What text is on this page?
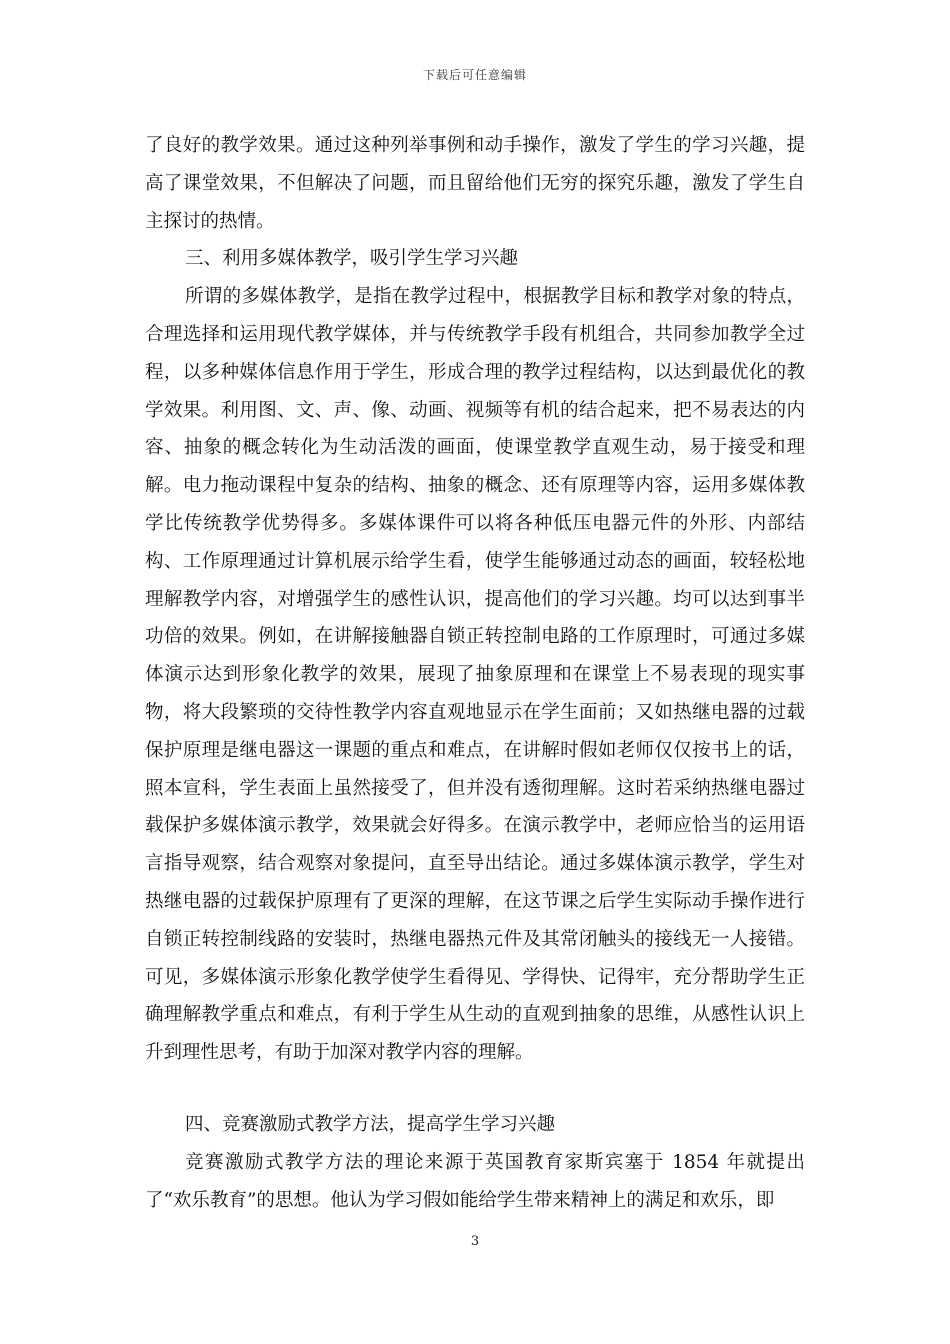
下载后可任意编辑

了良好的教学效果。通过这种列举事例和动手操作，激发了学生的学习兴趣，提高了课堂效果，不但解决了问题，而且留给他们无穷的探究乐趣，激发了学生自主探讨的热情。

三、利用多媒体教学，吸引学生学习兴趣

所谓的多媒体教学，是指在教学过程中，根据教学目标和教学对象的特点，合理选择和运用现代教学媒体，并与传统教学手段有机组合，共同参加教学全过程，以多种媒体信息作用于学生，形成合理的教学过程结构，以达到最优化的教学效果。利用图、文、声、像、动画、视频等有机的结合起来，把不易表达的内容、抽象的概念转化为生动活泼的画面，使课堂教学直观生动，易于接受和理解。电力拖动课程中复杂的结构、抽象的概念、还有原理等内容，运用多媒体教学比传统教学优势得多。多媒体课件可以将各种低压电器元件的外形、内部结构、工作原理通过计算机展示给学生看，使学生能够通过动态的画面，较轻松地理解教学内容，对增强学生的感性认识，提高他们的学习兴趣。均可以达到事半功倍的效果。例如，在讲解接触器自锁正转控制电路的工作原理时，可通过多媒体演示达到形象化教学的效果，展现了抽象原理和在课堂上不易表现的现实事物，将大段繁琐的交待性教学内容直观地显示在学生面前；又如热继电器的过载保护原理是继电器这一课题的重点和难点，在讲解时假如老师仅仅按书上的话，照本宣科，学生表面上虽然接受了，但并没有透彻理解。这时若采纳热继电器过载保护多媒体演示教学，效果就会好得多。在演示教学中，老师应恰当的运用语言指导观察，结合观察对象提问，直至导出结论。通过多媒体演示教学，学生对热继电器的过载保护原理有了更深的理解，在这节课之后学生实际动手操作进行自锁正转控制线路的安装时，热继电器热元件及其常闭触头的接线无一人接错。可见，多媒体演示形象化教学使学生看得见、学得快、记得牢，充分帮助学生正确理解教学重点和难点，有利于学生从生动的直观到抽象的思维，从感性认识上升到理性思考，有助于加深对教学内容的理解。

四、竞赛激励式教学方法，提高学生学习兴趣

竞赛激励式教学方法的理论来源于英国教育家斯宾塞于 1854 年就提出了“欢乐教育”的思想。他认为学习假如能给学生带来精神上的满足和欢乐，即

3
